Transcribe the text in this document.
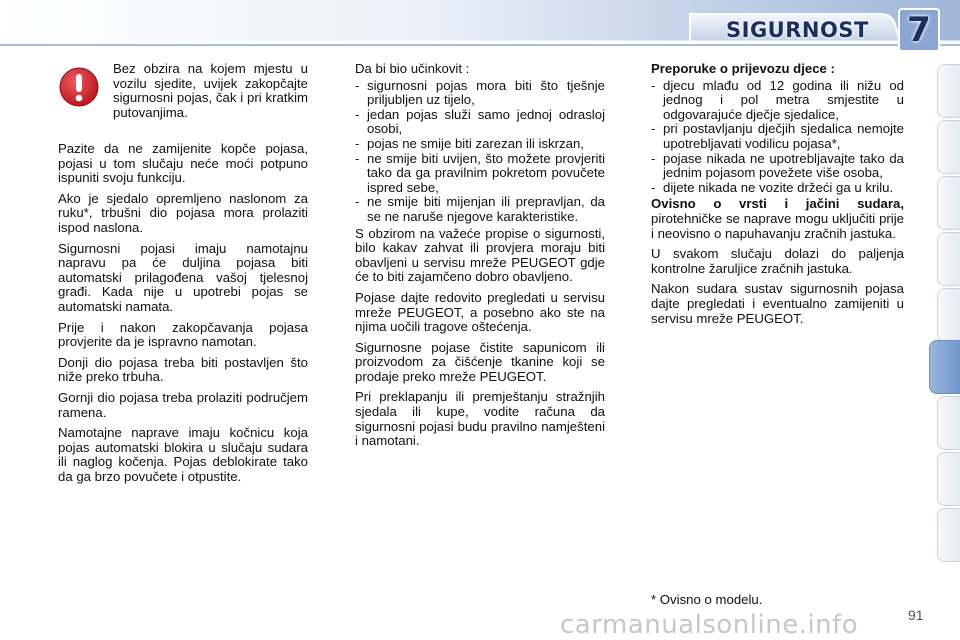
SIGURNOST 7
Bez obzira na kojem mjestu u vozilu sjedite, uvijek zakopčajte sigurnosni pojas, čak i pri kratkim putovanjima.

Pazite da ne zamijenite kopče pojasa, pojasi u tom slučaju neće moći potpuno ispuniti svoju funkciju.

Ako je sjedalo opremljeno naslonom za ruku*, trbušni dio pojasa mora prolaziti ispod naslona.

Sigurnosni pojasi imaju namotajnu napravu pa će duljina pojasa biti automatski prilagođena vašoj tjelesnoj građi. Kada nije u upotrebi pojas se automatski namata.

Prije i nakon zakopčavanja pojasa provjerite da je ispravno namotan.

Donji dio pojasa treba biti postavljen što niže preko trbuha.

Gornji dio pojasa treba prolaziti područjem ramena.

Namotajne naprave imaju kočnicu koja pojas automatski blokira u slučaju sudara ili naglog kočenja. Pojas deblokirate tako da ga brzo povučete i otpustite.

Da bi bio učinkovit :

- sigurnosni pojas mora biti što tješnje priljubljen uz tijelo,
- jedan pojas služi samo jednoj odrasloj osobi,
- pojas ne smije biti zarezan ili iskrzan,
- ne smije biti uvijen, što možete provjeriti tako da ga pravilnim pokretom povučete ispred sebe,
- ne smije biti mijenjan ili prepravljan, da se ne naruše njegove karakteristike.

S obzirom na važeće propise o sigurnosti, bilo kakav zahvat ili provjera moraju biti obavljeni u servisu mreže PEUGEOT gdje će to biti zajamčeno dobro obavljeno.

Pojase dajte redovito pregledati u servisu mreže PEUGEOT, a posebno ako ste na njima uočili tragove oštećenja.

Sigurnosne pojase čistite sapunicom ili proizvodom za čišćenje tkanine koji se prodaje preko mreže PEUGEOT.

Pri preklapanju ili premještanju stražnjih sjedala ili kupe, vodite računa da sigurnosni pojasi budu pravilno namješteni i namotani.

Preporuke o prijevozu djece :

- djecu mlađu od 12 godina ili nižu od jednog i pol metra smjestite u odgovarajuće dječje sjedalice,
- pri postavljanju dječjih sjedalica nemojte upotrebljavati vodilicu pojasa*,
- pojase nikada ne upotrebljavajte tako da jednim pojasom povežete više osoba,
- dijete nikada ne vozite držeći ga u krilu.

Ovisno o vrsti i jačini sudara, pirotehničke se naprave mogu uključiti prije i neovisno o napuhavanju zračnih jastuka.

U svakom slučaju dolazi do paljenja kontrolne žaruljice zračnih jastuka.

Nakon sudara sustav sigurnosnih pojasa dajte pregledati i eventualno zamijeniti u servisu mreže PEUGEOT.

* Ovisno o modelu.
carmanualsonline.info	91
